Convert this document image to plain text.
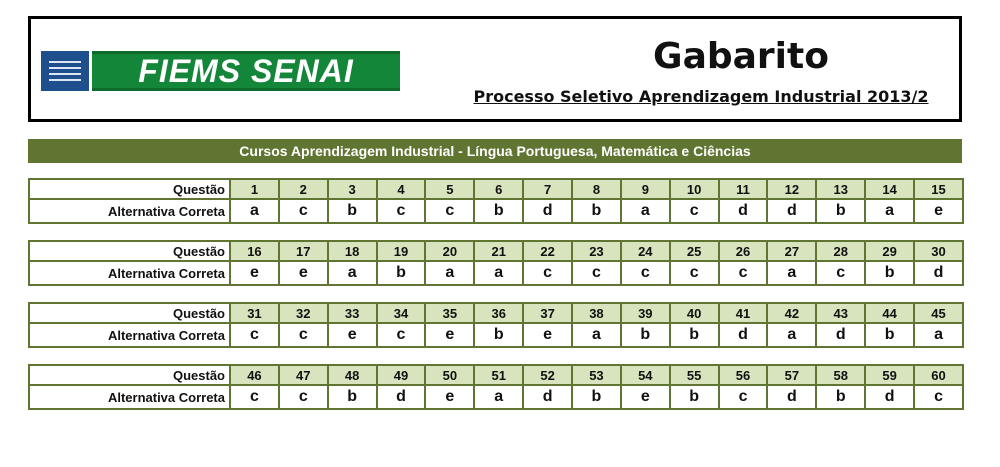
FIEMS SENAI	Gabarito
Processo Seletivo Aprendizagem Industrial 2013/2
Cursos Aprendizagem Industrial - Língua Portuguesa, Matemática e Ciências
Questão	1	2	3	4	5	6	7	8	9	10	11	12	13	14	15
Alternativa Correta	a	c	b	c	c	b	d	b	a	c	d	d	b	a	e
Questão	16	17	18	19	20	21	22	23	24	25	26	27	28	29	30
Alternativa Correta	e	e	a	b	a	a	c	c	c	c	c	a	c	b	d
Questão	31	32	33	34	35	36	37	38	39	40	41	42	43	44	45
Alternativa Correta	c	c	e	c	e	b	e	a	b	b	d	a	d	b	a
Questão	46	47	48	49	50	51	52	53	54	55	56	57	58	59	60
Alternativa Correta	c	c	b	d	e	a	d	b	e	b	c	d	b	d	c
